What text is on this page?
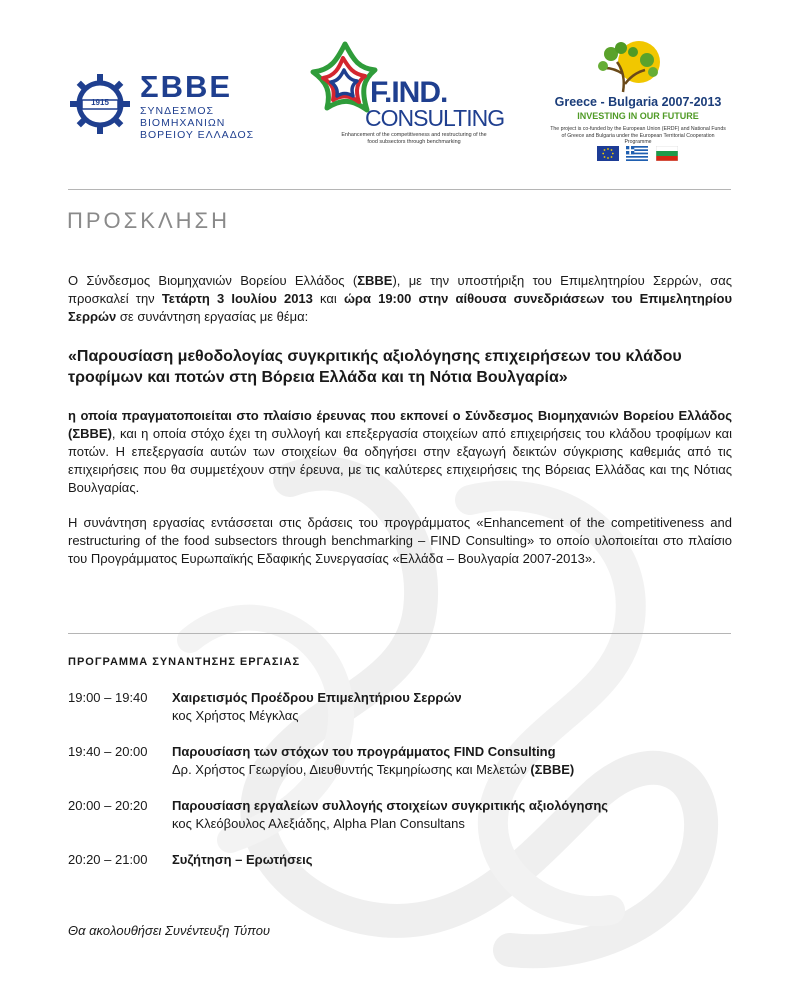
1915	ΣΒΒΕ
ΣΥΝΔΕΣΜΟΣ
ΒΙΟΜΗΧΑΝΙΩΝ
ΒΟΡΕΙΟΥ ΕΛΛΑΔΟΣ
F.IND.
CONSULTING
Enhancement of the competitiveness and restructuring of the food subsectors through benchmarking
Greece - Bulgaria 2007-2013
INVESTING IN OUR FUTURE
The project is co-funded by the European Union (ERDF) and National Funds of Greece and Bulgaria under the European Territorial Cooperation Programme

ΠΡΟΣΚΛΗΣΗ

Ο Σύνδεσμος Βιομηχανιών Βορείου Ελλάδος (ΣΒΒΕ), με την υποστήριξη του Επιμελητηρίου Σερρών, σας προσκαλεί την Τετάρτη 3 Ιουλίου 2013 και ώρα 19:00 στην αίθουσα συνεδριάσεων του Επιμελητηρίου Σερρών σε συνάντηση εργασίας με θέμα:

«Παρουσίαση μεθοδολογίας συγκριτικής αξιολόγησης επιχειρήσεων του κλάδου τροφίμων και ποτών στη Βόρεια Ελλάδα και τη Νότια Βουλγαρία»

η οποία πραγματοποιείται στο πλαίσιο έρευνας που εκπονεί ο Σύνδεσμος Βιομηχανιών Βορείου Ελλάδος (ΣΒΒΕ), και η οποία στόχο έχει τη συλλογή και επεξεργασία στοιχείων από επιχειρήσεις του κλάδου τροφίμων και ποτών. Η επεξεργασία αυτών των στοιχείων θα οδηγήσει στην εξαγωγή δεικτών σύγκρισης καθεμιάς από τις επιχειρήσεις που θα συμμετέχουν στην έρευνα, με τις καλύτερες επιχειρήσεις της Βόρειας Ελλάδας και της Νότιας Βουλγαρίας.

Η συνάντηση εργασίας εντάσσεται στις δράσεις του προγράμματος «Enhancement of the competitiveness and restructuring of the food subsectors through benchmarking – FIND Consulting» το οποίο υλοποιείται στο πλαίσιο του Προγράμματος Ευρωπαϊκής Εδαφικής Συνεργασίας «Ελλάδα – Βουλγαρία 2007-2013».

ΠΡΟΓΡΑΜΜΑ ΣΥΝΑΝΤΗΣΗΣ ΕΡΓΑΣΙΑΣ
19:00 – 19:40	Χαιρετισμός Προέδρου Επιμελητήριου Σερρών
κος Χρήστος Μέγκλας
19:40 – 20:00	Παρουσίαση των στόχων του προγράμματος FIND Consulting
Δρ. Χρήστος Γεωργίου, Διευθυντής Τεκμηρίωσης και Μελετών (ΣΒΒΕ)
20:00 – 20:20	Παρουσίαση εργαλείων συλλογής στοιχείων συγκριτικής αξιολόγησης
κος Κλεόβουλος Αλεξιάδης, Alpha Plan Consultans
20:20 – 21:00	Συζήτηση – Ερωτήσεις
Θα ακολουθήσει Συνέντευξη Τύπου
